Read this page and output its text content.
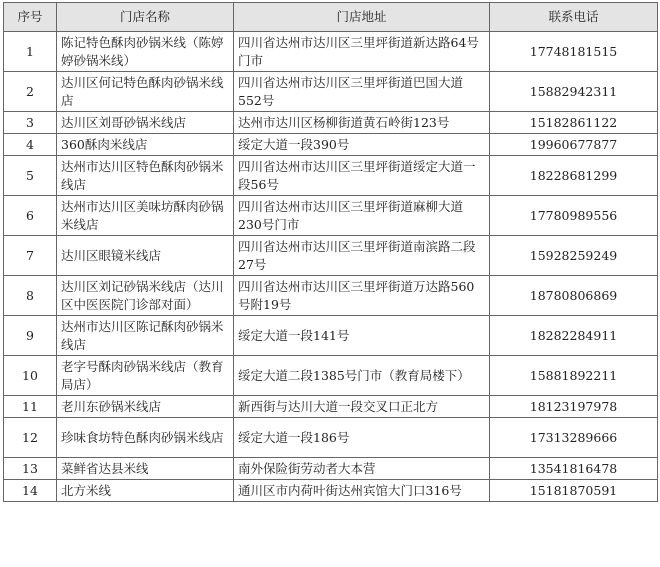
序号	门店名称	门店地址	联系电话
1	陈记特色酥肉砂锅米线（陈婷婷砂锅米线）	四川省达州市达川区三里坪街道新达路64号门市	17748181515
2	达川区何记特色酥肉砂锅米线店	四川省达州市达川区三里坪街道巴国大道552号	15882942311
3	达川区刘哥砂锅米线店	达州市达川区杨柳街道黄石岭街123号	15182861122
4	360酥肉米线店	绥定大道一段390号	19960677877
5	达州市达川区特色酥肉砂锅米线店	四川省达州市达川区三里坪街道绥定大道一段56号	18228681299
6	达州市达川区美味坊酥肉砂锅米线店	四川省达州市达川区三里坪街道麻柳大道230号门市	17780989556
7	达川区眼镜米线店	四川省达州市达川区三里坪街道南滨路二段27号	15928259249
8	达川区刘记砂锅米线店（达川区中医医院门诊部对面）	四川省达州市达川区三里坪街道万达路560号附19号	18780806869
9	达州市达川区陈记酥肉砂锅米线店	绥定大道一段141号	18282284911
10	老字号酥肉砂锅米线店（教育局店）	绥定大道二段1385号门市（教育局楼下）	15881892211
11	老川东砂锅米线店	新西街与达川大道一段交叉口正北方	18123197978
12	珍味食坊特色酥肉砂锅米线店	绥定大道一段186号	17313289666
13	菜鲜省达县米线	南外保险街劳动者大本营	13541816478
14	北方米线	通川区市内荷叶街达州宾馆大门口316号	15181870591
